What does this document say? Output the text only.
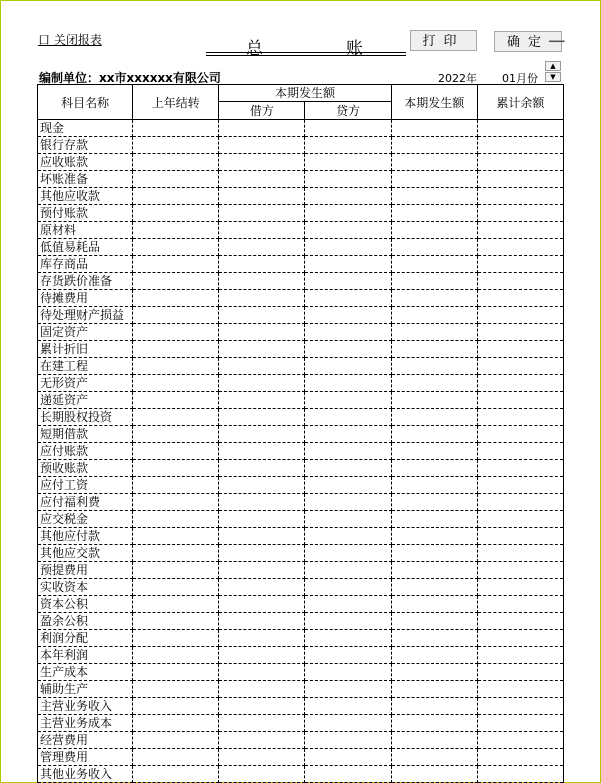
口 关闭报表	总	账	打印	确定 ▔▔
编制单位：xx市xxxxxx有限公司	2022年 01月份
▲
▼
科目名称	上年结转	本期发生额		本期发生额	累计余额
		借方	贷方		
现金					
银行存款					
应收账款					
坏账准备					
其他应收款					
预付账款					
原材料					
低值易耗品					
库存商品					
存货跌价准备					
待摊费用					
待处理财产损益					
固定资产					
累计折旧					
在建工程					
无形资产					
递延资产					
长期股权投资					
短期借款					
应付账款					
预收账款					
应付工资					
应付福利费					
应交税金					
其他应付款					
其他应交款					
预提费用					
实收资本					
资本公积					
盈余公积					
利润分配					
本年利润					
生产成本					
辅助生产					
主营业务收入					
主营业务成本					
经营费用					
管理费用					
其他业务收入					
